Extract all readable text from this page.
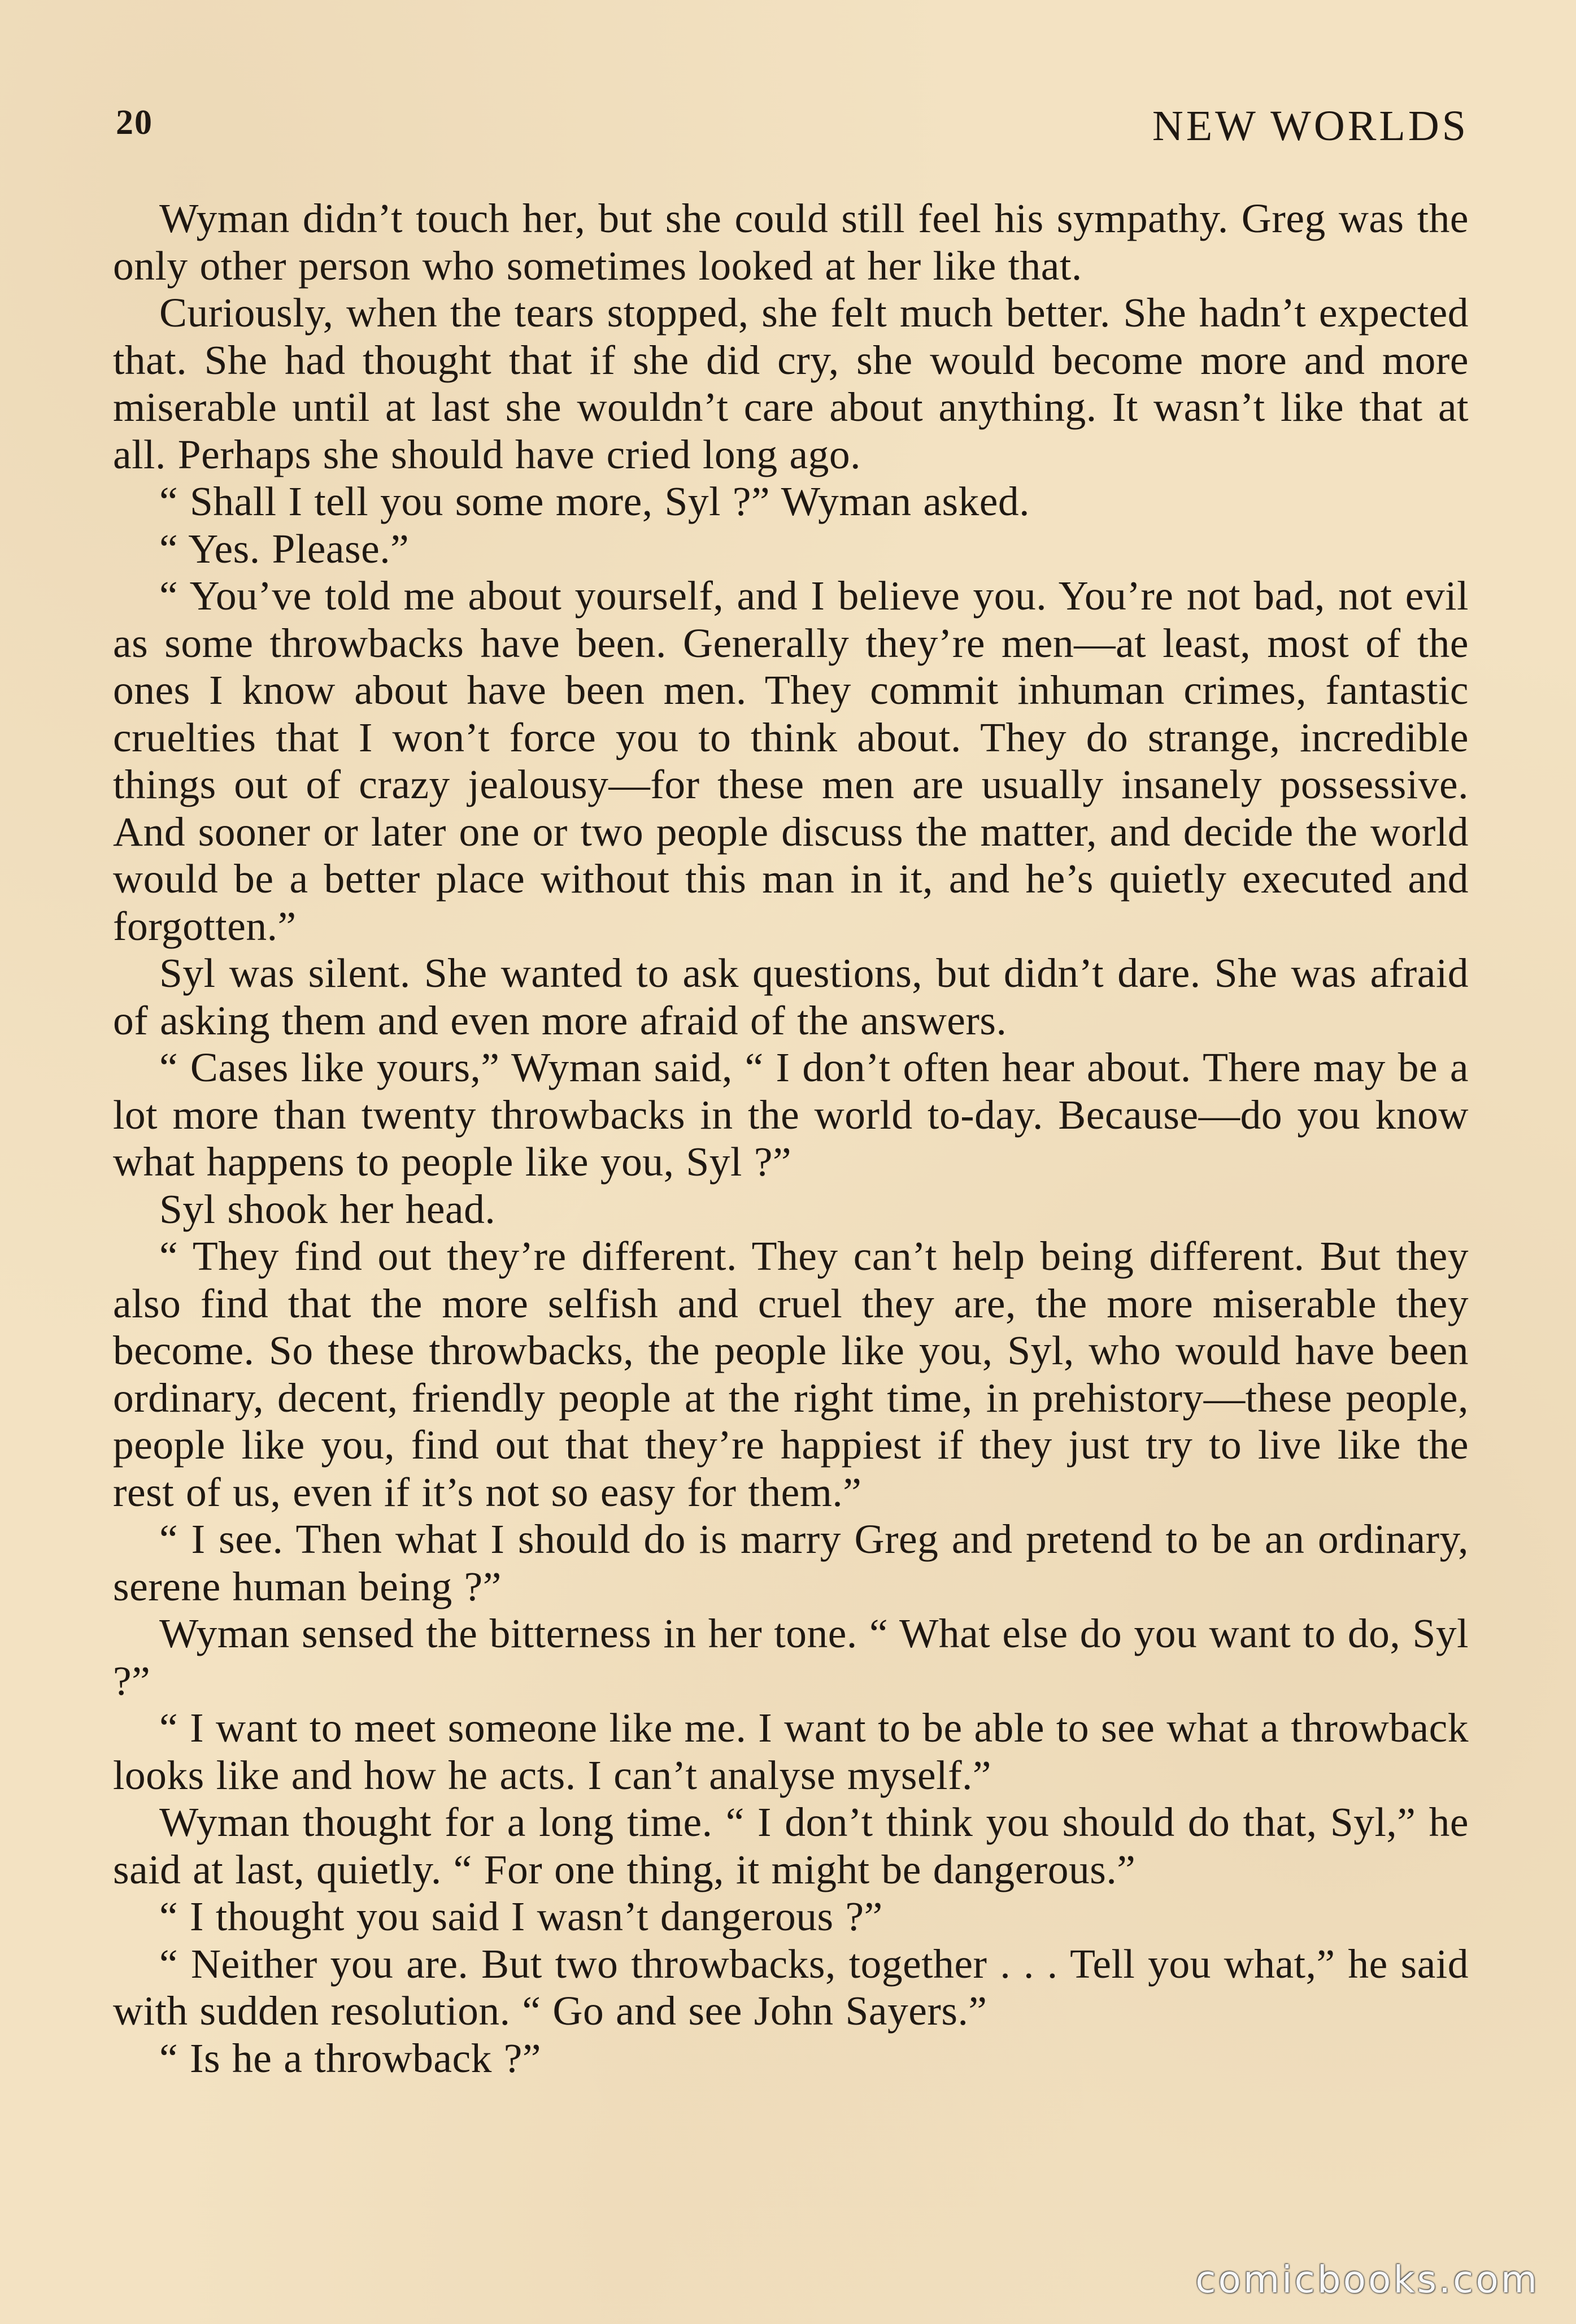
20	NEW WORLDS

Wyman didn’t touch her, but she could still feel his sympathy. Greg was the only other person who sometimes looked at her like that.

Curiously, when the tears stopped, she felt much better. She hadn’t expected that. She had thought that if she did cry, she would become more and more miserable until at last she wouldn’t care about anything. It wasn’t like that at all. Perhaps she should have cried long ago.

“ Shall I tell you some more, Syl ?” Wyman asked.

“ Yes. Please.”

“ You’ve told me about yourself, and I believe you. You’re not bad, not evil as some throwbacks have been. Generally they’re men—at least, most of the ones I know about have been men. They commit inhuman crimes, fantastic cruelties that I won’t force you to think about. They do strange, incredible things out of crazy jealousy—for these men are usually insanely possessive. And sooner or later one or two people discuss the matter, and decide the world would be a better place without this man in it, and he’s quietly executed and forgotten.”

Syl was silent. She wanted to ask questions, but didn’t dare. She was afraid of asking them and even more afraid of the answers.

“ Cases like yours,” Wyman said, “ I don’t often hear about. There may be a lot more than twenty throwbacks in the world to-day. Because—do you know what happens to people like you, Syl ?”

Syl shook her head.

“ They find out they’re different. They can’t help being different. But they also find that the more selfish and cruel they are, the more miserable they become. So these throwbacks, the people like you, Syl, who would have been ordinary, decent, friendly people at the right time, in prehistory—these people, people like you, find out that they’re happiest if they just try to live like the rest of us, even if it’s not so easy for them.”

“ I see. Then what I should do is marry Greg and pretend to be an ordinary, serene human being ?”

Wyman sensed the bitterness in her tone. “ What else do you want to do, Syl ?”

“ I want to meet someone like me. I want to be able to see what a throwback looks like and how he acts. I can’t analyse myself.”

Wyman thought for a long time. “ I don’t think you should do that, Syl,” he said at last, quietly. “ For one thing, it might be dangerous.”

“ I thought you said I wasn’t dangerous ?”

“ Neither you are. But two throwbacks, together . . . Tell you what,” he said with sudden resolution. “ Go and see John Sayers.”

“ Is he a throwback ?”

comicbooks.com
